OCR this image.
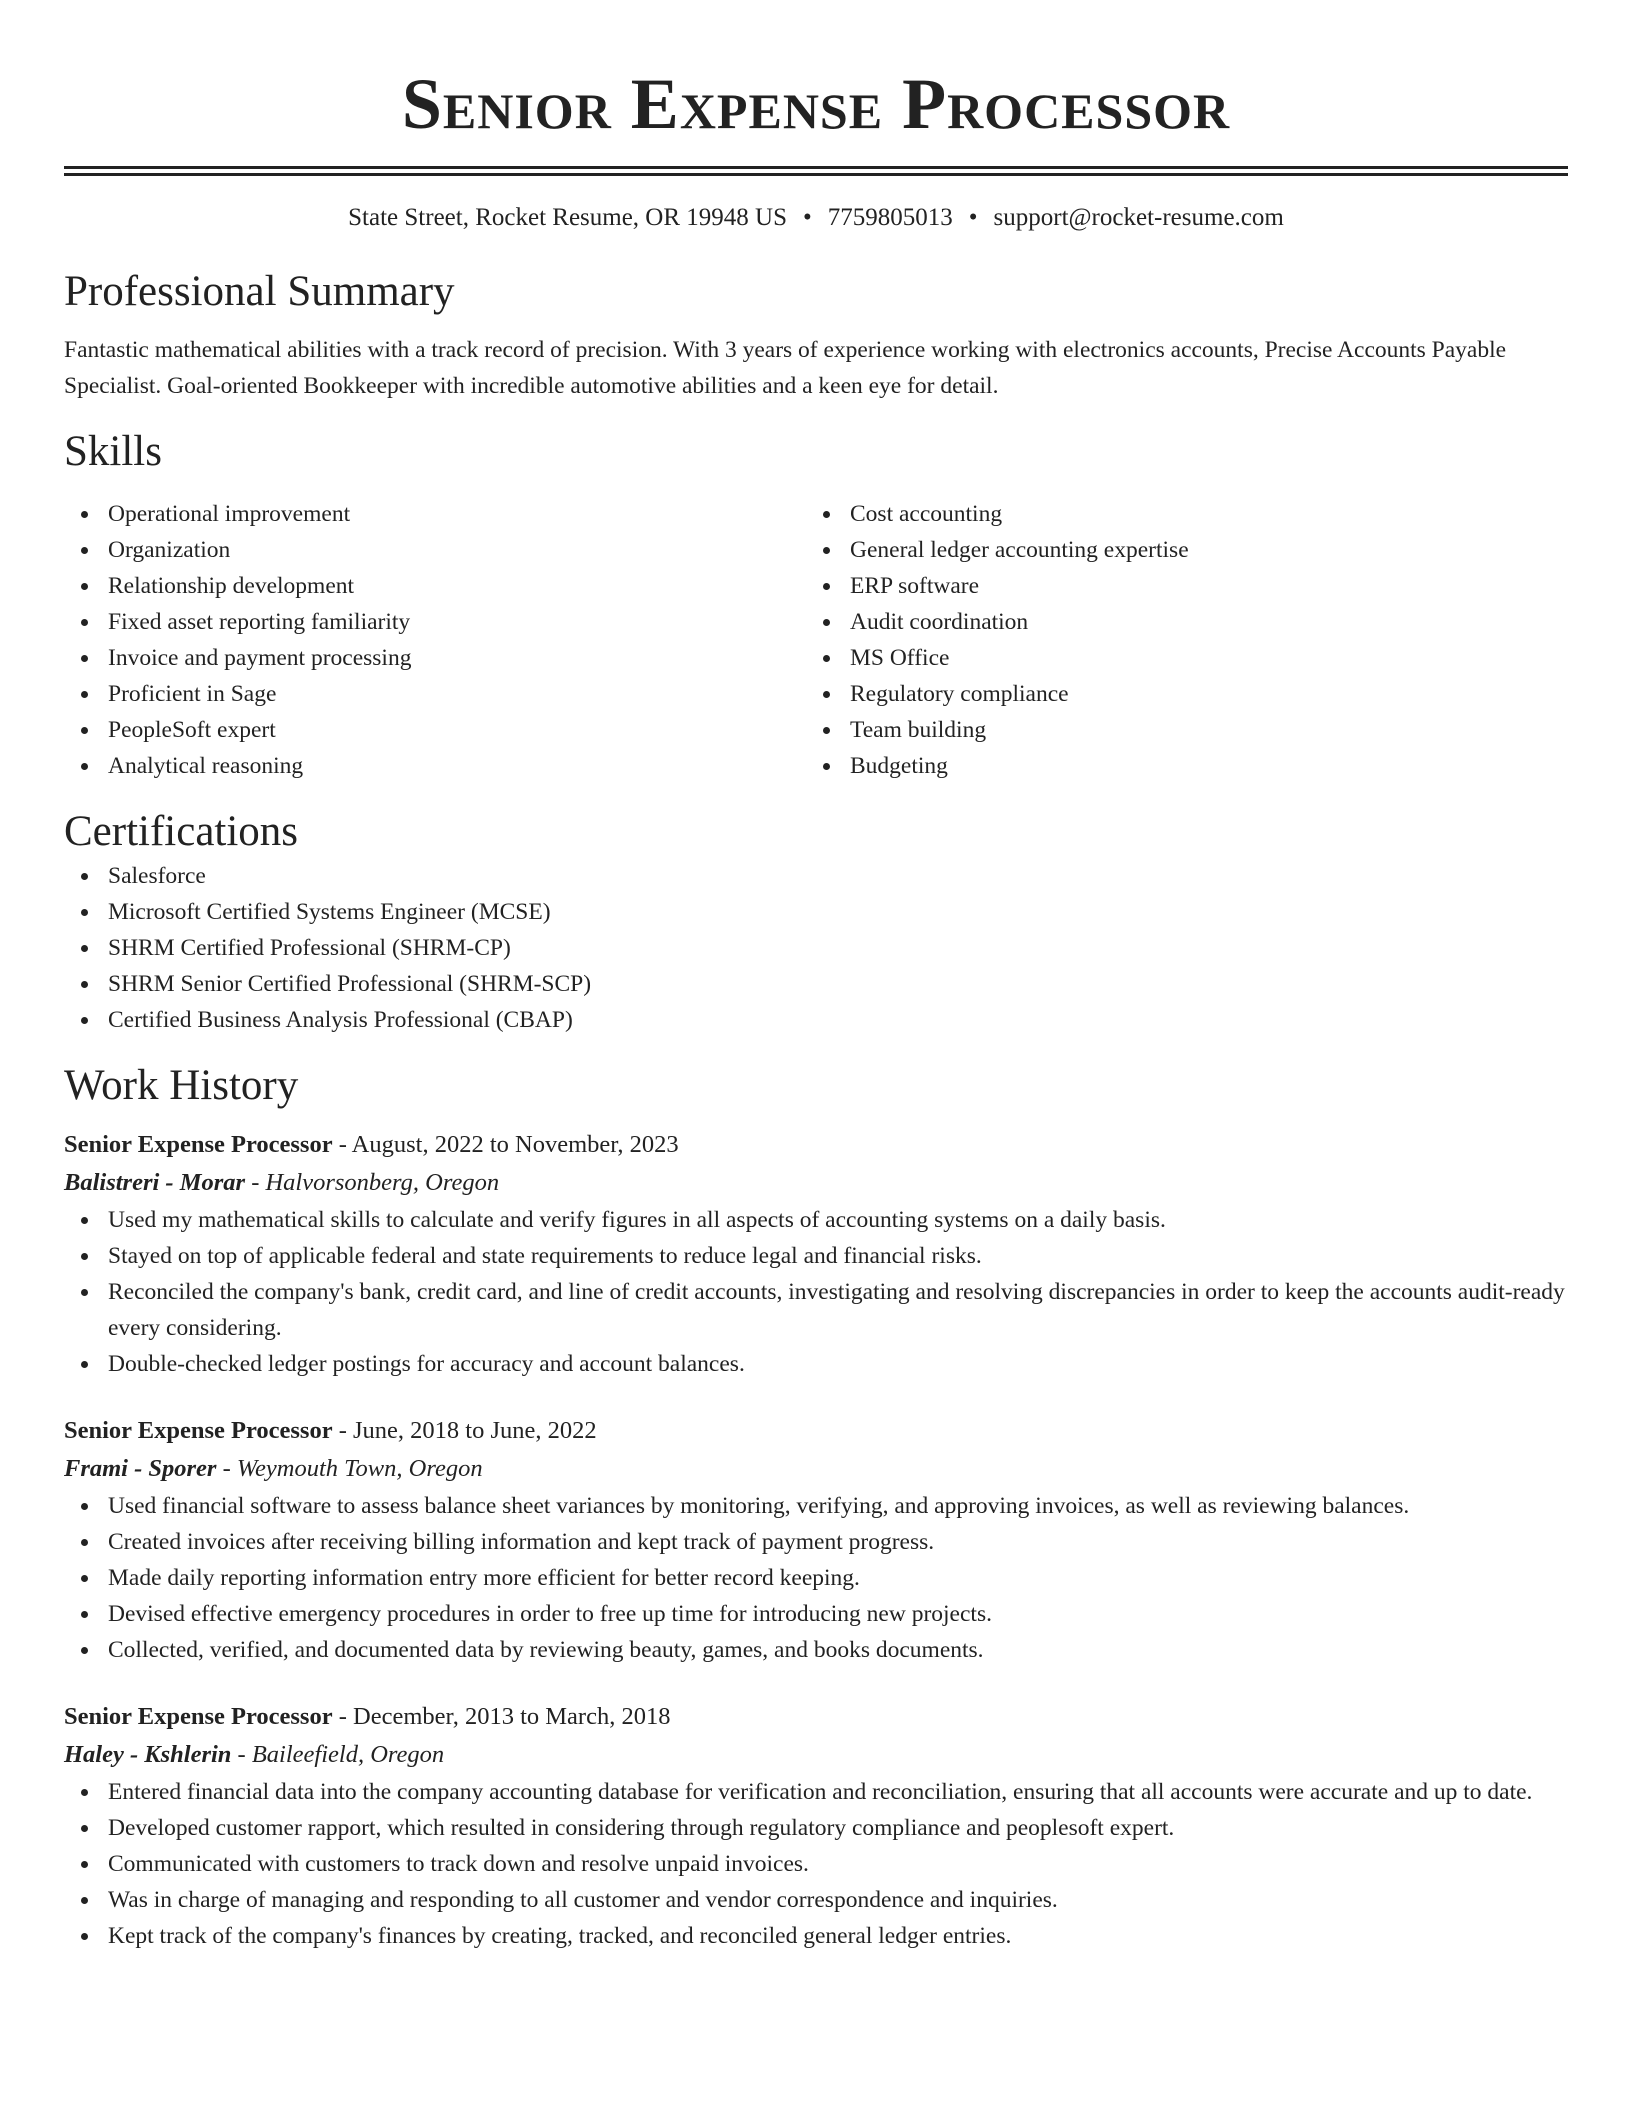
Senior Expense Processor
State Street, Rocket Resume, OR 19948 US • 7759805013 • support@rocket-resume.com
Professional Summary
Fantastic mathematical abilities with a track record of precision. With 3 years of experience working with electronics accounts, Precise Accounts Payable Specialist. Goal-oriented Bookkeeper with incredible automotive abilities and a keen eye for detail.
Skills
Operational improvement
Organization
Relationship development
Fixed asset reporting familiarity
Invoice and payment processing
Proficient in Sage
PeopleSoft expert
Analytical reasoning
Cost accounting
General ledger accounting expertise
ERP software
Audit coordination
MS Office
Regulatory compliance
Team building
Budgeting
Certifications
Salesforce
Microsoft Certified Systems Engineer (MCSE)
SHRM Certified Professional (SHRM-CP)
SHRM Senior Certified Professional (SHRM-SCP)
Certified Business Analysis Professional (CBAP)
Work History
Senior Expense Processor - August, 2022 to November, 2023
Balistreri - Morar - Halvorsonberg, Oregon
Used my mathematical skills to calculate and verify figures in all aspects of accounting systems on a daily basis.
Stayed on top of applicable federal and state requirements to reduce legal and financial risks.
Reconciled the company's bank, credit card, and line of credit accounts, investigating and resolving discrepancies in order to keep the accounts audit-ready every considering.
Double-checked ledger postings for accuracy and account balances.
Senior Expense Processor - June, 2018 to June, 2022
Frami - Sporer - Weymouth Town, Oregon
Used financial software to assess balance sheet variances by monitoring, verifying, and approving invoices, as well as reviewing balances.
Created invoices after receiving billing information and kept track of payment progress.
Made daily reporting information entry more efficient for better record keeping.
Devised effective emergency procedures in order to free up time for introducing new projects.
Collected, verified, and documented data by reviewing beauty, games, and books documents.
Senior Expense Processor - December, 2013 to March, 2018
Haley - Kshlerin - Baileefield, Oregon
Entered financial data into the company accounting database for verification and reconciliation, ensuring that all accounts were accurate and up to date.
Developed customer rapport, which resulted in considering through regulatory compliance and peoplesoft expert.
Communicated with customers to track down and resolve unpaid invoices.
Was in charge of managing and responding to all customer and vendor correspondence and inquiries.
Kept track of the company's finances by creating, tracked, and reconciled general ledger entries.
